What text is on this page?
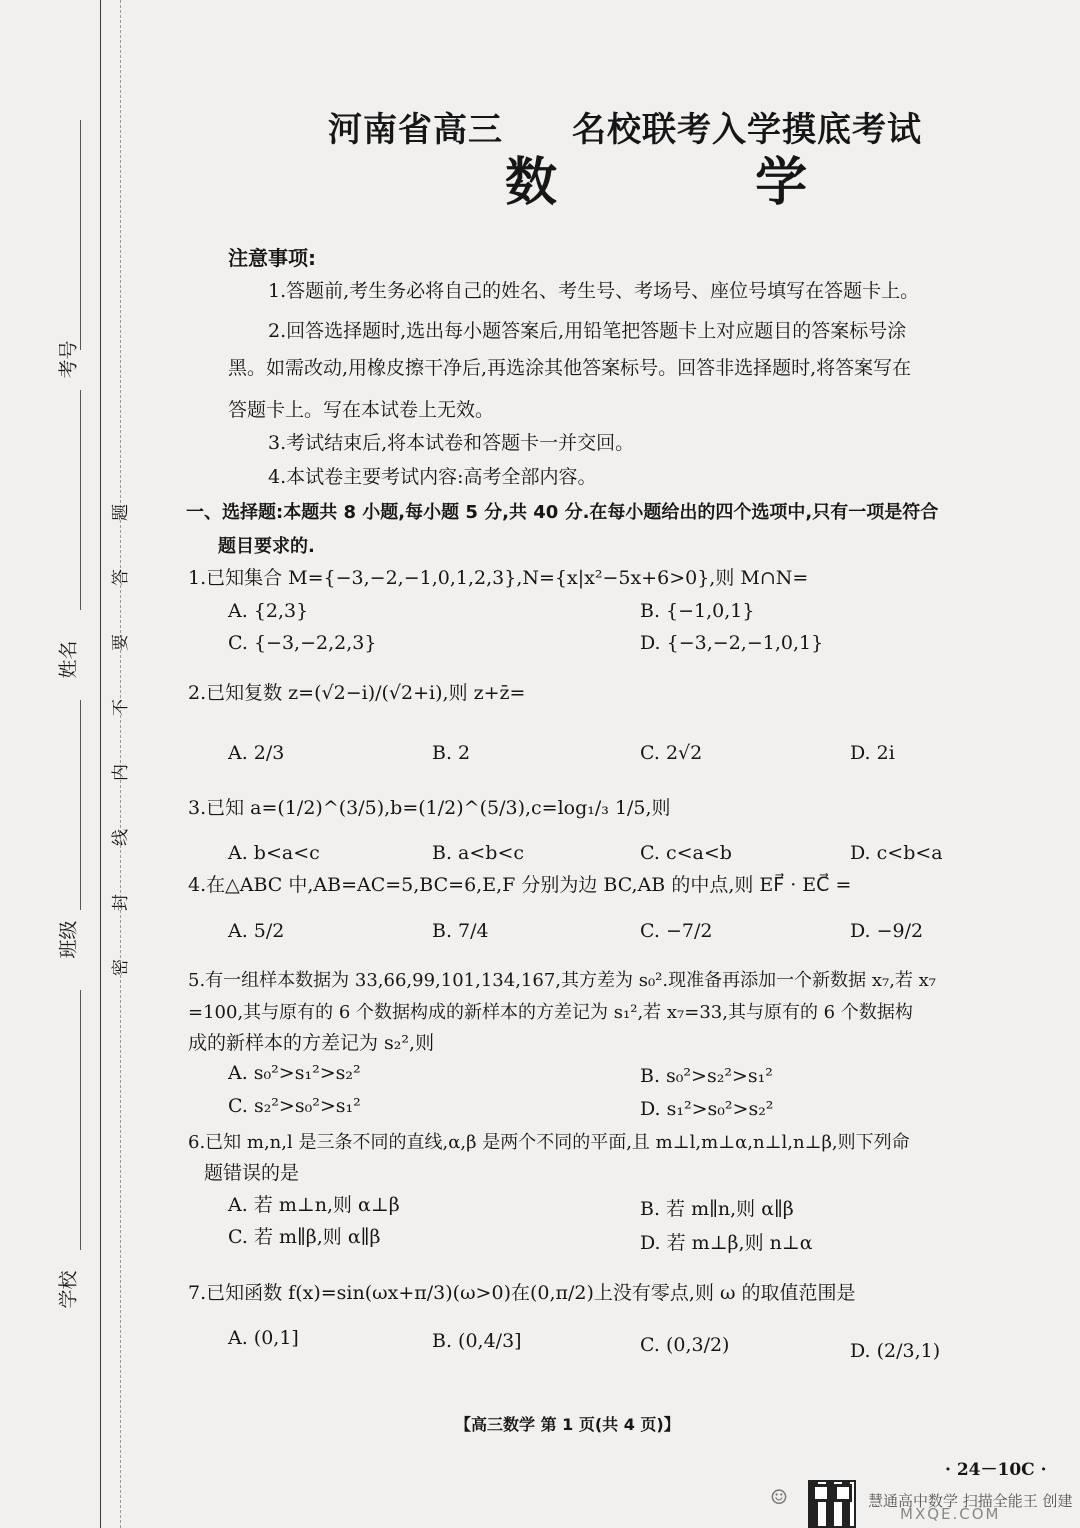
考号
姓名
班级
学校
题
答
要
不
内
线
封
密
河南省高三 名校联考入学摸底考试
数 学
注意事项:
1.答题前,考生务必将自己的姓名、考生号、考场号、座位号填写在答题卡上。
2.回答选择题时,选出每小题答案后,用铅笔把答题卡上对应题目的答案标号涂
黑。如需改动,用橡皮擦干净后,再选涂其他答案标号。回答非选择题时,将答案写在
答题卡上。写在本试卷上无效。
3.考试结束后,将本试卷和答题卡一并交回。
4.本试卷主要考试内容:高考全部内容。
一、选择题:本题共 8 小题,每小题 5 分,共 40 分.在每小题给出的四个选项中,只有一项是符合
题目要求的.
1.已知集合 M={−3,−2,−1,0,1,2,3},N={x|x²−5x+6>0},则 M∩N=
A. {2,3}	B. {−1,0,1}
C. {−3,−2,2,3}	D. {−3,−2,−1,0,1}
2.已知复数 z=(√2−i)/(√2+i),则 z+z̄=
A. 2/3	B. 2	C. 2√2	D. 2i
3.已知 a=(1/2)^(3/5),b=(1/2)^(5/3),c=log₁/₃ 1/5,则
A. b<a<c	B. a<b<c	C. c<a<b	D. c<b<a
4.在△ABC 中,AB=AC=5,BC=6,E,F 分别为边 BC,AB 的中点,则 EF⃗ · EC⃗ =
A. 5/2	B. 7/4	C. −7/2	D. −9/2
5.有一组样本数据为 33,66,99,101,134,167,其方差为 s₀².现准备再添加一个新数据 x₇,若 x₇
=100,其与原有的 6 个数据构成的新样本的方差记为 s₁²,若 x₇=33,其与原有的 6 个数据构
成的新样本的方差记为 s₂²,则
A. s₀²>s₁²>s₂²	B. s₀²>s₂²>s₁²
C. s₂²>s₀²>s₁²	D. s₁²>s₀²>s₂²
6.已知 m,n,l 是三条不同的直线,α,β 是两个不同的平面,且 m⊥l,m⊥α,n⊥l,n⊥β,则下列命
题错误的是
A. 若 m⊥n,则 α⊥β	B. 若 m∥n,则 α∥β
C. 若 m∥β,则 α∥β	D. 若 m⊥β,则 n⊥α
7.已知函数 f(x)=sin(ωx+π/3)(ω>0)在(0,π/2)上没有零点,则 ω 的取值范围是
A. (0,1]	B. (0,4/3]	C. (0,3/2)	D. (2/3,1)
【高三数学 第 1 页(共 4 页)】
· 24－10C ·
☺	慧通高中数学 扫描全能王 创建
MXQE.COM
